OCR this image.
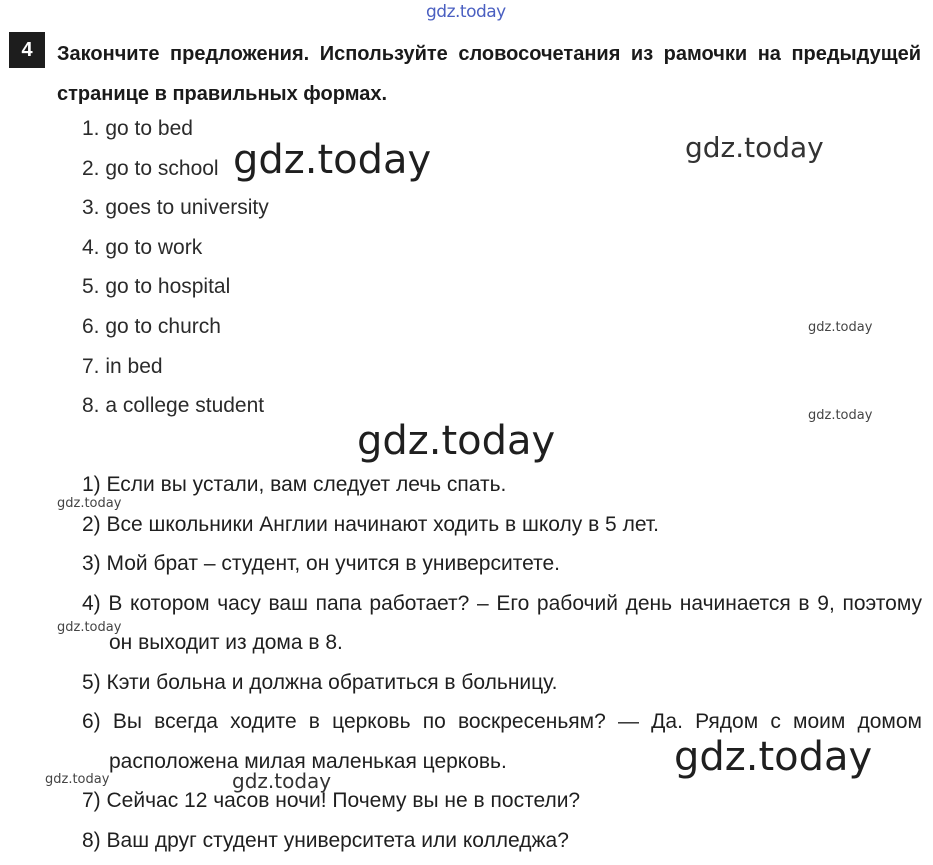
gdz.today
4	Закончите предложения. Используйте словосочетания из рамочки на предыдущей странице в правильных формах.
1. go to bed
2. go to school
3. goes to university
4. go to work
5. go to hospital
6. go to church
7. in bed
8. a college student
1) Если вы устали, вам следует лечь спать.
2) Все школьники Англии начинают ходить в школу в 5 лет.
3) Мой брат – студент, он учится в университете.
4) В котором часу ваш папа работает? – Его рабочий день начинается в 9, поэтому он выходит из дома в 8.
5) Кэти больна и должна обратиться в больницу.
6) Вы всегда ходите в церковь по воскресеньям? — Да. Рядом с моим домом расположена милая маленькая церковь.
7) Сейчас 12 часов ночи! Почему вы не в постели?
8) Ваш друг студент университета или колледжа?
gdz.today	gdz.today
gdz.today
gdz.today
gdz.today
gdz.today
gdz.today
gdz.today
gdz.today	gdz.today
